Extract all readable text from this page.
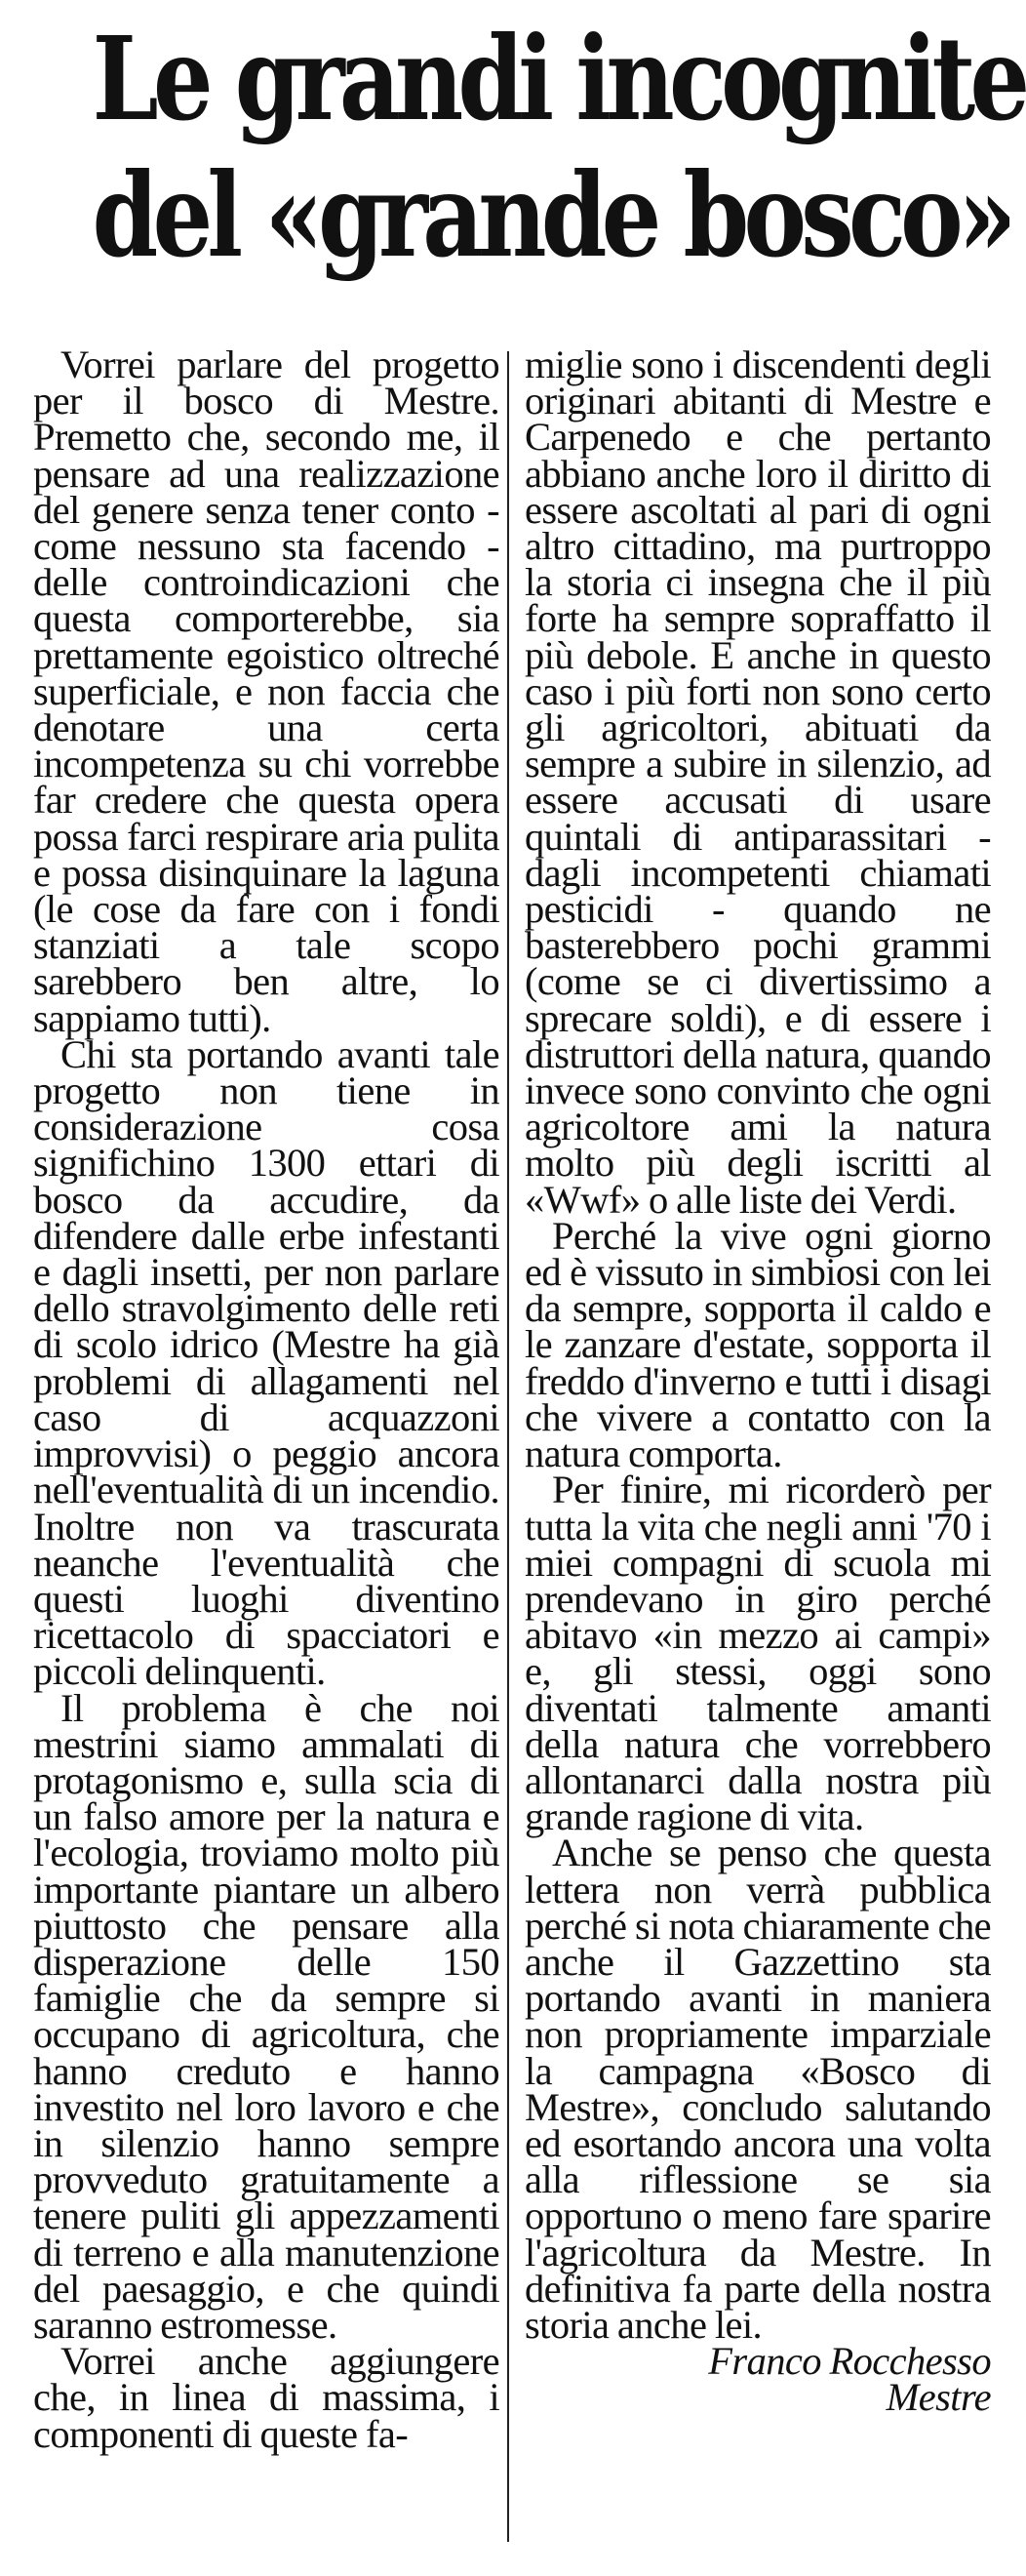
Le grandi incognite
del «grande bosco»

Vorrei parlare del progetto per il bosco di Mestre. Premetto che, secondo me, il pensare ad una realizzazione del genere senza tener conto - come nessuno sta facendo - delle controindicazioni che questa comporterebbe, sia prettamente egoistico oltreché superficiale, e non faccia che denotare una certa incompetenza su chi vorrebbe far credere che questa opera possa farci respirare aria pulita e possa disinquinare la laguna (le cose da fare con i fondi stanziati a tale scopo sarebbero ben altre, lo sappiamo tutti).

Chi sta portando avanti tale progetto non tiene in considerazione cosa significhino 1300 ettari di bosco da accudire, da difendere dalle erbe infestanti e dagli insetti, per non parlare dello stravolgimento delle reti di scolo idrico (Mestre ha già problemi di allagamenti nel caso di acquazzoni improvvisi) o peggio ancora nell'eventualità di un incendio. Inoltre non va trascurata neanche l'eventualità che questi luoghi diventino ricettacolo di spacciatori e piccoli delinquenti.

Il problema è che noi mestrini siamo ammalati di protagonismo e, sulla scia di un falso amore per la natura e l'ecologia, troviamo molto più importante piantare un albero piuttosto che pensare alla disperazione delle 150 famiglie che da sempre si occupano di agricoltura, che hanno creduto e hanno investito nel loro lavoro e che in silenzio hanno sempre provveduto gratuitamente a tenere puliti gli appezzamenti di terreno e alla manutenzione del paesaggio, e che quindi saranno estromesse.

Vorrei anche aggiungere che, in linea di massima, i componenti di queste fa-

miglie sono i discendenti degli originari abitanti di Mestre e Carpenedo e che pertanto abbiano anche loro il diritto di essere ascoltati al pari di ogni altro cittadino, ma purtroppo la storia ci insegna che il più forte ha sempre sopraffatto il più debole. E anche in questo caso i più forti non sono certo gli agricoltori, abituati da sempre a subire in silenzio, ad essere accusati di usare quintali di antiparassitari - dagli incompetenti chiamati pesticidi - quando ne basterebbero pochi grammi (come se ci divertissimo a sprecare soldi), e di essere i distruttori della natura, quando invece sono convinto che ogni agricoltore ami la natura molto più degli iscritti al «Wwf» o alle liste dei Verdi.

Perché la vive ogni giorno ed è vissuto in simbiosi con lei da sempre, sopporta il caldo e le zanzare d'estate, sopporta il freddo d'inverno e tutti i disagi che vivere a contatto con la natura comporta.

Per finire, mi ricorderò per tutta la vita che negli anni '70 i miei compagni di scuola mi prendevano in giro perché abitavo «in mezzo ai campi» e, gli stessi, oggi sono diventati talmente amanti della natura che vorrebbero allontanarci dalla nostra più grande ragione di vita.

Anche se penso che questa lettera non verrà pubblica perché si nota chiaramente che anche il Gazzettino sta portando avanti in maniera non propriamente imparziale la campagna «Bosco di Mestre», concludo salutando ed esortando ancora una volta alla riflessione se sia opportuno o meno fare sparire l'agricoltura da Mestre. In definitiva fa parte della nostra storia anche lei.

Franco Rocchesso

Mestre
